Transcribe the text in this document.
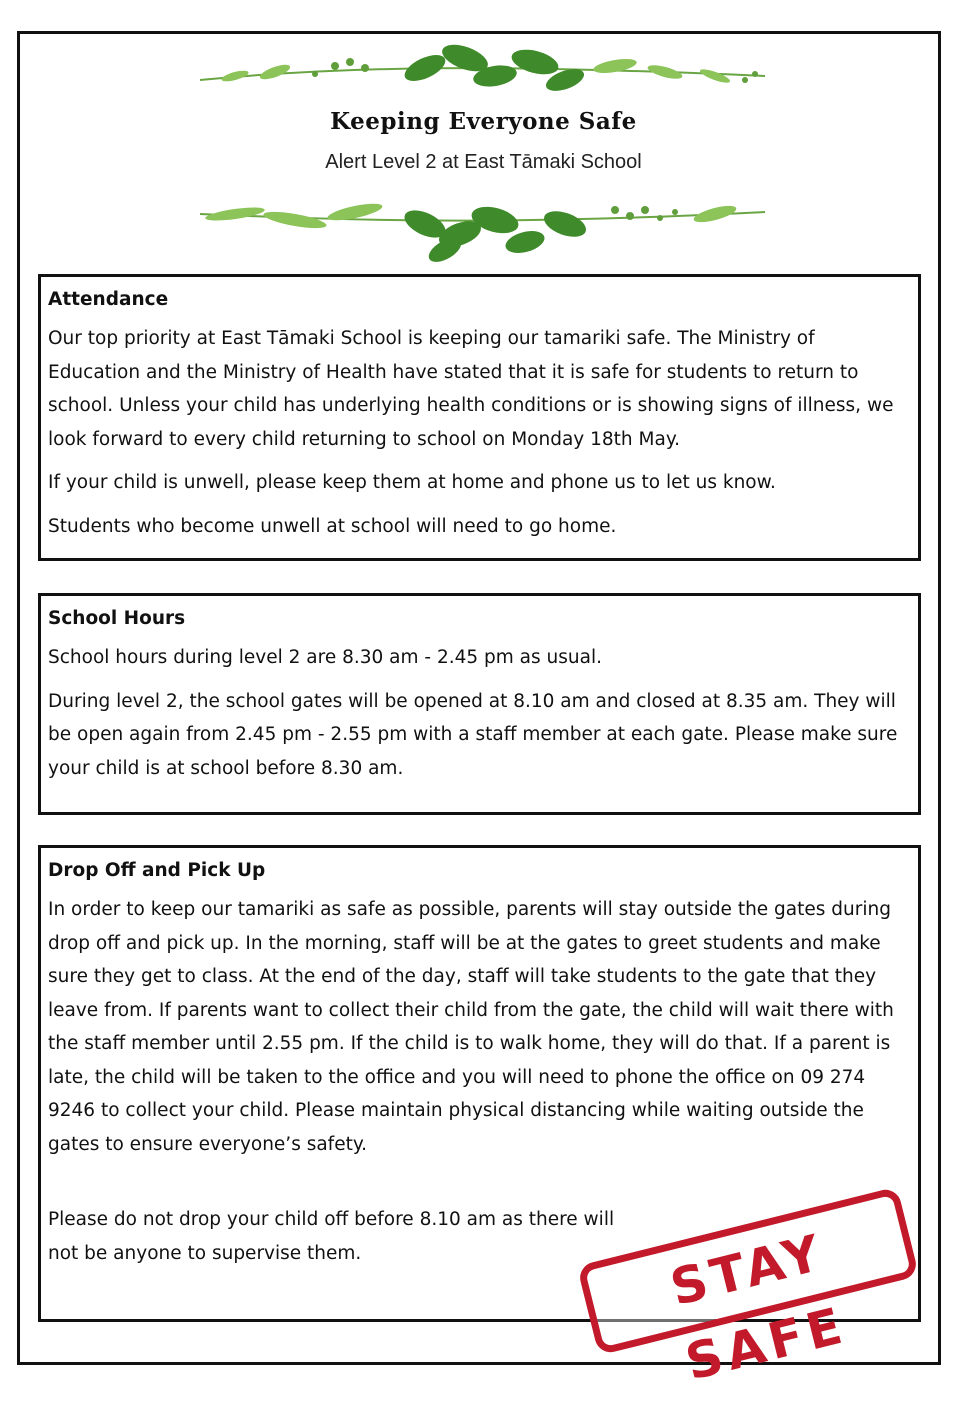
Keeping Everyone Safe
Alert Level 2 at East Tāmaki School
Attendance

Our top priority at East Tāmaki School is keeping our tamariki safe. The Ministry of Education and the Ministry of Health have stated that it is safe for students to return to school. Unless your child has underlying health conditions or is showing signs of illness, we look forward to every child returning to school on Monday 18th May.

If your child is unwell, please keep them at home and phone us to let us know.

Students who become unwell at school will need to go home.

School Hours

School hours during level 2 are 8.30 am - 2.45 pm as usual.

During level 2, the school gates will be opened at 8.10 am and closed at 8.35 am. They will be open again from 2.45 pm - 2.55 pm with a staff member at each gate. Please make sure your child is at school before 8.30 am.

Drop Off and Pick Up

In order to keep our tamariki as safe as possible, parents will stay outside the gates during drop off and pick up. In the morning, staff will be at the gates to greet students and make sure they get to class. At the end of the day, staff will take students to the gate that they leave from. If parents want to collect their child from the gate, the child will wait there with the staff member until 2.55 pm. If the child is to walk home, they will do that. If a parent is late, the child will be taken to the office and you will need to phone the office on 09 274 9246 to collect your child. Please maintain physical distancing while waiting outside the gates to ensure everyone’s safety.

Please do not drop your child off before 8.10 am as there will not be anyone to supervise them.	STAY SAFE
